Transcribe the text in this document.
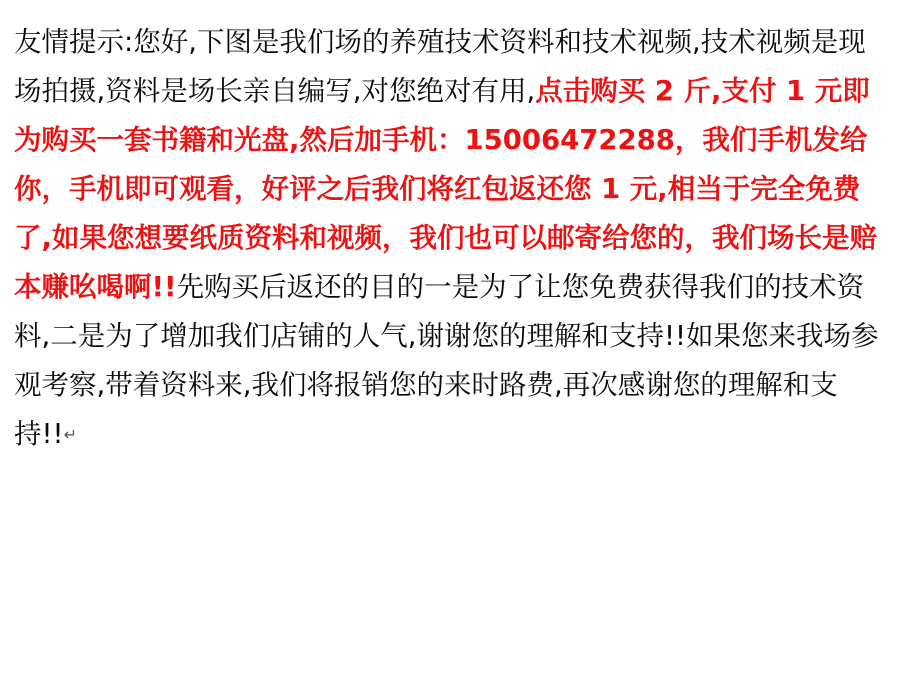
友情提示:您好,下图是我们场的养殖技术资料和技术视频,技术视频是现场拍摄,资料是场长亲自编写,对您绝对有用,点击购买 2 斤,支付 1 元即为购买一套书籍和光盘,然后加手机：15006472288，我们手机发给你，手机即可观看，好评之后我们将红包返还您 1 元,相当于完全免费了,如果您想要纸质资料和视频，我们也可以邮寄给您的，我们场长是赔本赚吆喝啊!!先购买后返还的目的一是为了让您免费获得我们的技术资料,二是为了增加我们店铺的人气,谢谢您的理解和支持!!如果您来我场参观考察,带着资料来,我们将报销您的来时路费,再次感谢您的理解和支持!!↵
